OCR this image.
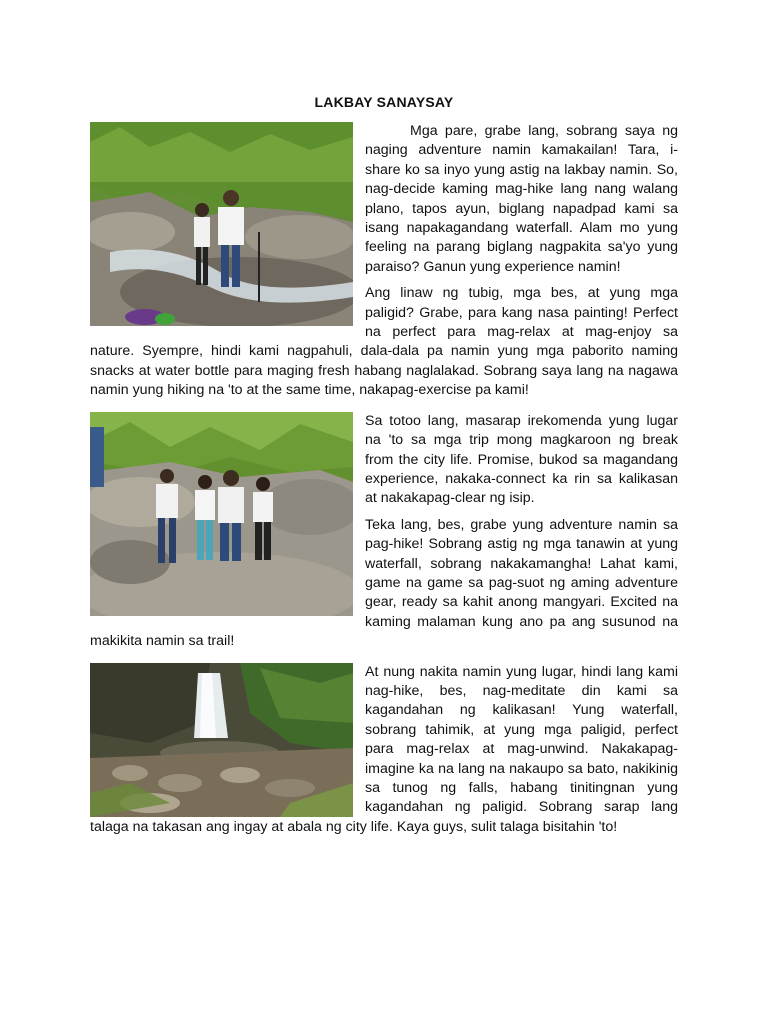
LAKBAY SANAYSAY

Mga pare, grabe lang, sobrang saya ng naging adventure namin kamakailan! Tara, i-share ko sa inyo yung astig na lakbay namin. So, nag-decide kaming mag-hike lang nang walang plano, tapos ayun, biglang napadpad kami sa isang napakagandang waterfall. Alam mo yung feeling na parang biglang nagpakita sa'yo yung paraiso? Ganun yung experience namin!

Ang linaw ng tubig, mga bes, at yung mga paligid? Grabe, para kang nasa painting! Perfect na perfect para mag-relax at mag-enjoy sa nature. Syempre, hindi kami nagpahuli, dala-dala pa namin yung mga paborito naming snacks at water bottle para maging fresh habang naglalakad. Sobrang saya lang na nagawa namin yung hiking na 'to at the same time, nakapag-exercise pa kami!

Sa totoo lang, masarap irekomenda yung lugar na 'to sa mga trip mong magkaroon ng break from the city life. Promise, bukod sa magandang experience, nakaka-connect ka rin sa kalikasan at nakakapag-clear ng isip.

Teka lang, bes, grabe yung adventure namin sa pag-hike! Sobrang astig ng mga tanawin at yung waterfall, sobrang nakakamangha! Lahat kami, game na game sa pag-suot ng aming adventure gear, ready sa kahit anong mangyari. Excited na kaming malaman kung ano pa ang susunod na makikita namin sa trail!

At nung nakita namin yung lugar, hindi lang kami nag-hike, bes, nag-meditate din kami sa kagandahan ng kalikasan! Yung waterfall, sobrang tahimik, at yung mga paligid, perfect para mag-relax at mag-unwind. Nakakapag-imagine ka na lang na nakaupo sa bato, nakikinig sa tunog ng falls, habang tinitingnan yung kagandahan ng paligid. Sobrang sarap lang talaga na takasan ang ingay at abala ng city life. Kaya guys, sulit talaga bisitahin 'to!
